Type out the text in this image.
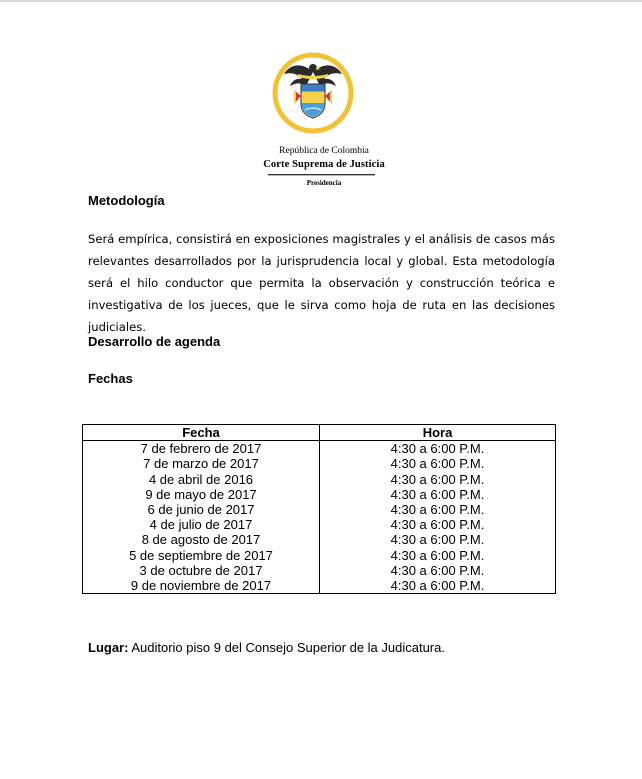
República de Colombia
Corte Suprema de Justicia
Presidencia
Metodología
Será empírica, consistirá en exposiciones magistrales y el análisis de casos más relevantes desarrollados por la jurisprudencia local y global. Esta metodología será el hilo conductor que permita la observación y construcción teórica e investigativa de los jueces, que le sirva como hoja de ruta en las decisiones judiciales.
Desarrollo de agenda
Fechas
Fecha	Hora
7 de febrero de 2017	4:30 a 6:00 P.M.
7 de marzo de 2017	4:30 a 6:00 P.M.
4 de abril de 2016	4:30 a 6:00 P.M.
9 de mayo de 2017	4:30 a 6:00 P.M.
6 de junio de 2017	4:30 a 6:00 P.M.
4 de julio de 2017	4:30 a 6:00 P.M.
8 de agosto de 2017	4:30 a 6:00 P.M.
5 de septiembre de 2017	4:30 a 6:00 P.M.
3 de octubre de 2017	4:30 a 6:00 P.M.
9 de noviembre de 2017	4:30 a 6:00 P.M.
Lugar: Auditorio piso 9 del Consejo Superior de la Judicatura.
